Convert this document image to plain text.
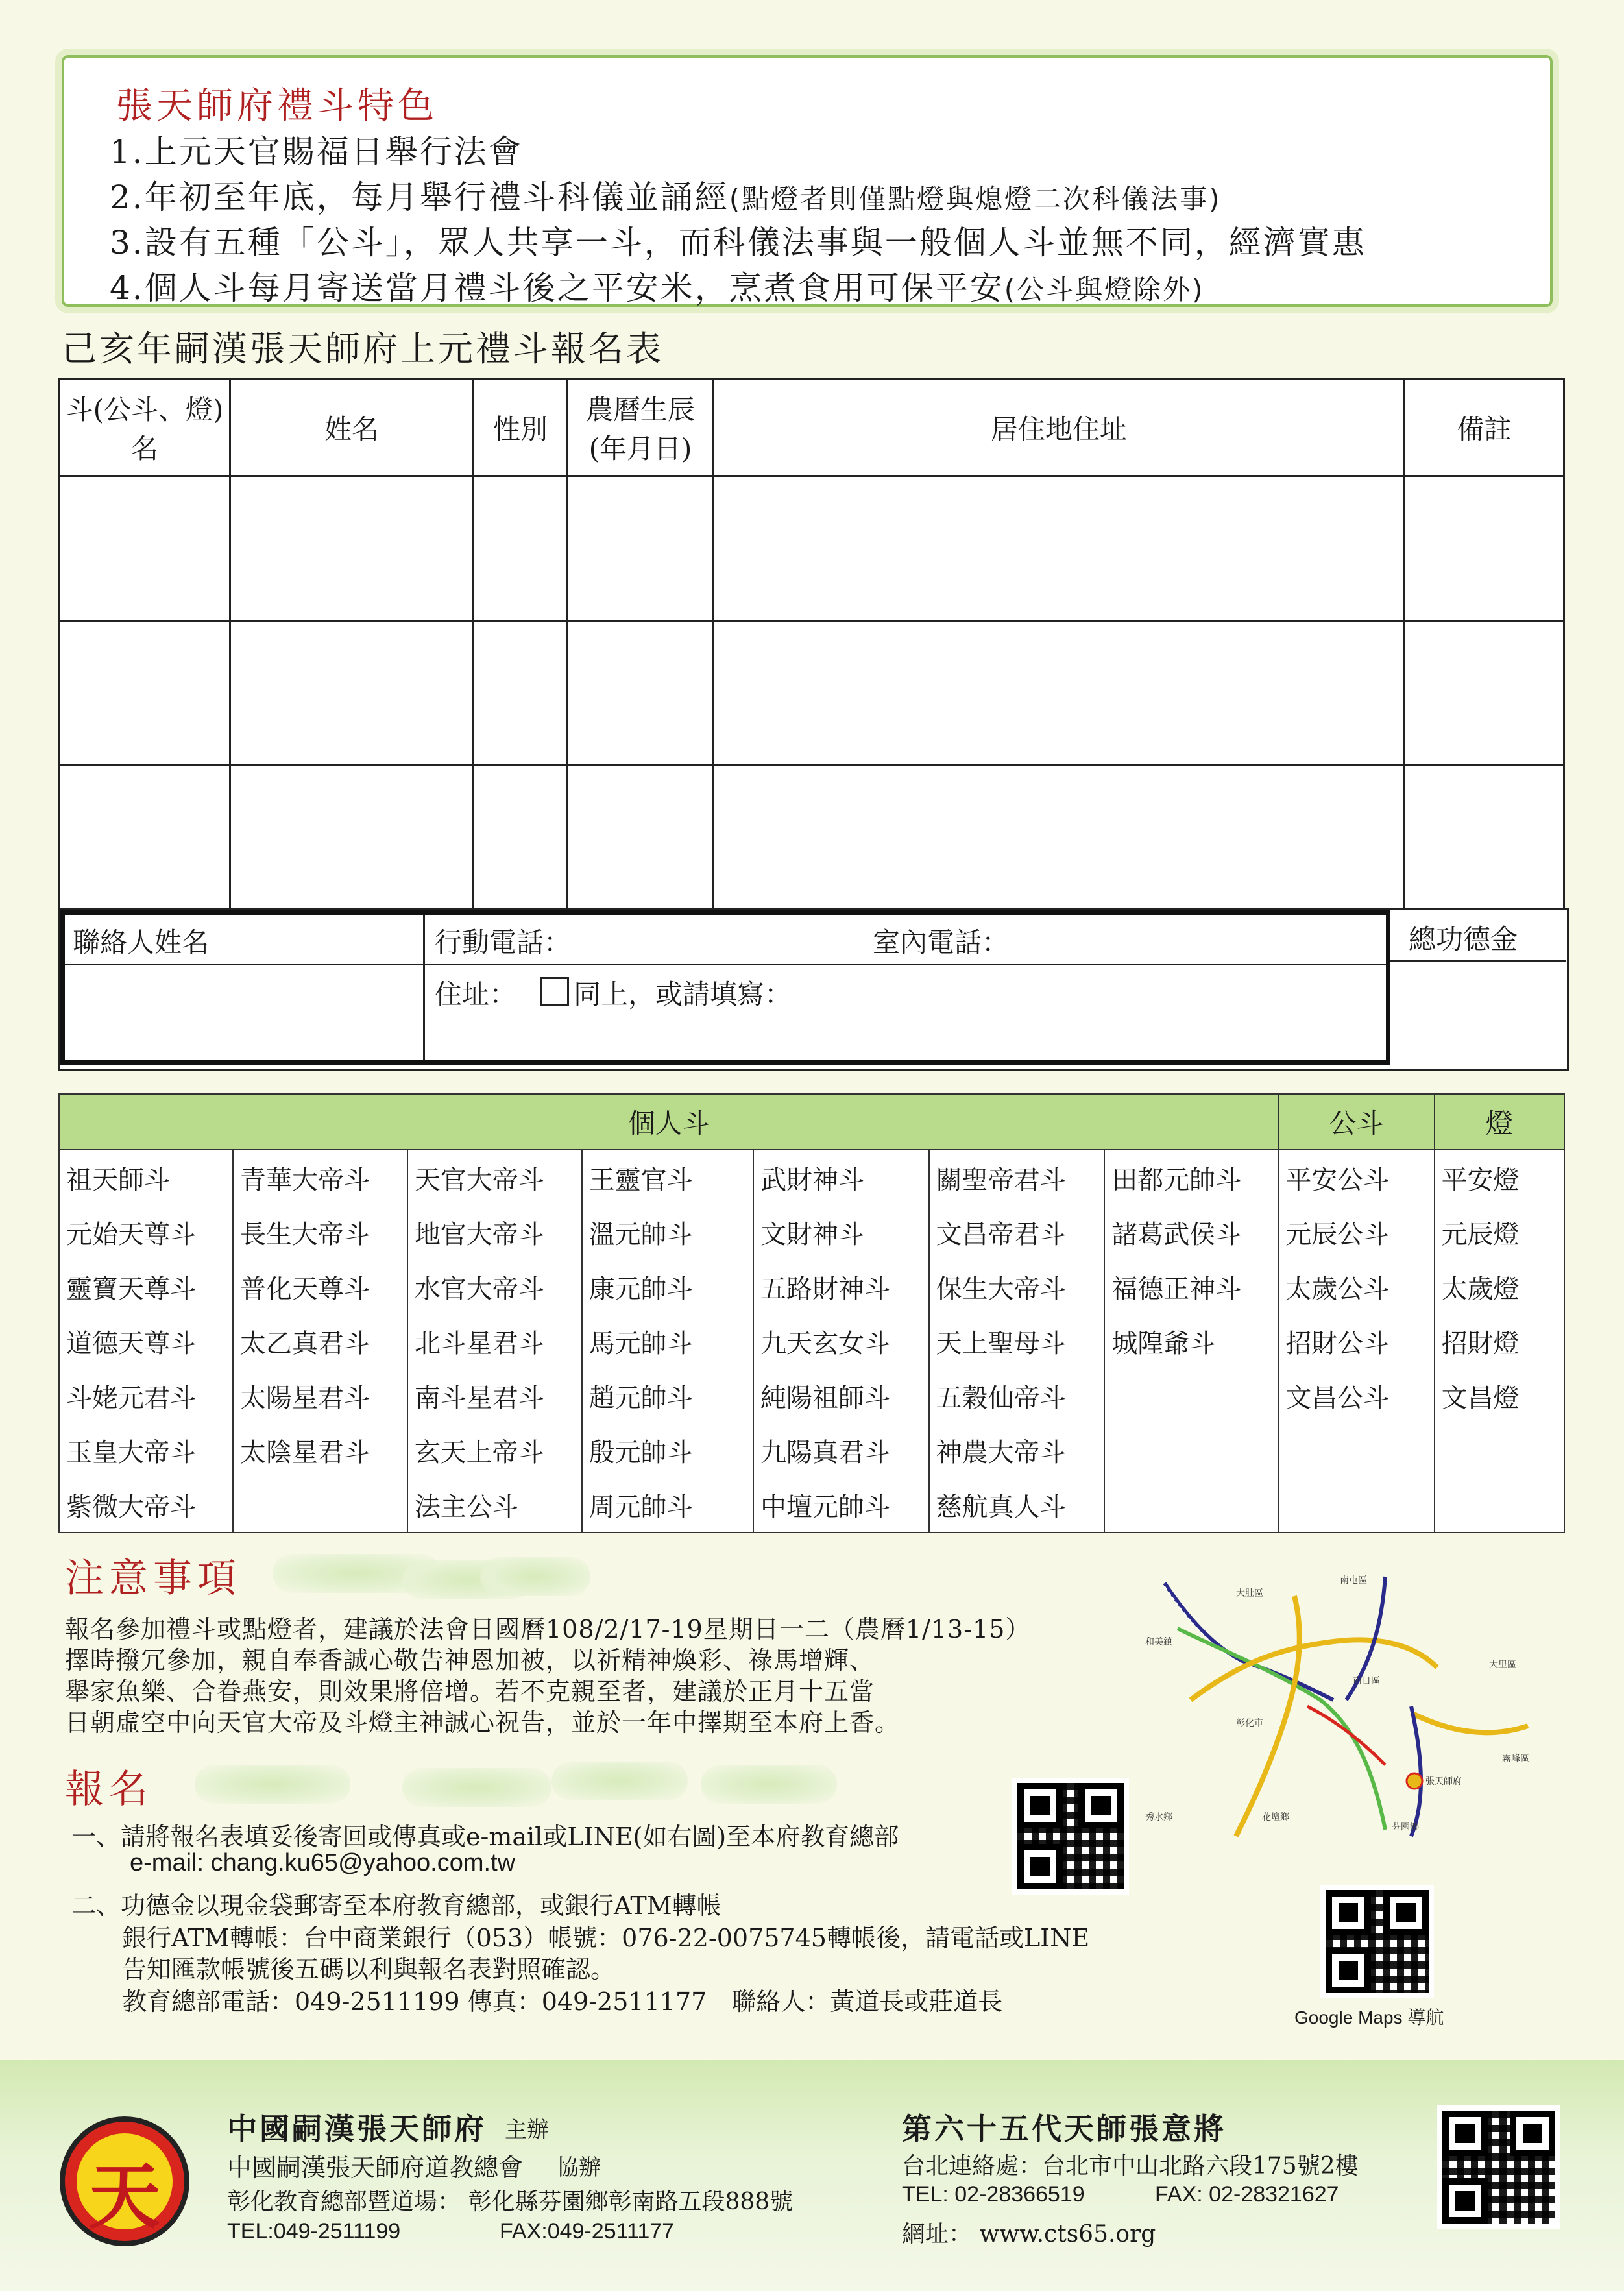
張天師府禮斗特色
1.上元天官賜福日舉行法會
2.年初至年底，每月舉行禮斗科儀並誦經(點燈者則僅點燈與熄燈二次科儀法事)
3.設有五種「公斗」，眾人共享一斗，而科儀法事與一般個人斗並無不同，經濟實惠
4.個人斗每月寄送當月禮斗後之平安米，烹煮食用可保平安(公斗與燈除外)
己亥年嗣漢張天師府上元禮斗報名表
斗(公斗、燈)名	姓名	性別	農曆生辰(年月日)	居住地住址	備註

聯絡人姓名	行動電話：	室內電話：
住址： 同上，或請填寫：
總功德金
個人斗							公斗	燈
祖天師斗	青華大帝斗	天官大帝斗	王靈官斗	武財神斗	關聖帝君斗	田都元帥斗	平安公斗	平安燈
元始天尊斗	長生大帝斗	地官大帝斗	溫元帥斗	文財神斗	文昌帝君斗	諸葛武侯斗	元辰公斗	元辰燈
靈寶天尊斗	普化天尊斗	水官大帝斗	康元帥斗	五路財神斗	保生大帝斗	福德正神斗	太歲公斗	太歲燈
道德天尊斗	太乙真君斗	北斗星君斗	馬元帥斗	九天玄女斗	天上聖母斗	城隍爺斗	招財公斗	招財燈
斗姥元君斗	太陽星君斗	南斗星君斗	趙元帥斗	純陽祖師斗	五穀仙帝斗		文昌公斗	文昌燈
玉皇大帝斗	太陰星君斗	玄天上帝斗	殷元帥斗	九陽真君斗	神農大帝斗			
紫微大帝斗		法主公斗	周元帥斗	中壇元帥斗	慈航真人斗			
注意事項
報名參加禮斗或點燈者，建議於法會日國曆108/2/17-19星期日一二（農曆1/13-15）
擇時撥冗參加，親自奉香誠心敬告神恩加被，以祈精神煥彩、祿馬增輝、
舉家魚樂、合眷燕安，則效果將倍增。若不克親至者，建議於正月十五當
日朝虛空中向天官大帝及斗燈主神誠心祝告，並於一年中擇期至本府上香。
報名
一、請將報名表填妥後寄回或傳真或e-mail或LINE(如右圖)至本府教育總部
e-mail: chang.ku65@yahoo.com.tw
二、功德金以現金袋郵寄至本府教育總部，或銀行ATM轉帳
銀行ATM轉帳：台中商業銀行（053）帳號：076-22-0075745轉帳後，請電話或LINE
告知匯款帳號後五碼以利與報名表對照確認。
教育總部電話：049-2511199 傳真：049-2511177　聯絡人：黃道長或莊道長
Google Maps 導航
大肚區
南屯區
和美鎮
彰化市
南日區
大里區
霧峰區
秀水鄉	花壇鄉
芬園鄉
張天師府
中國嗣漢張天師府 主辦
中國嗣漢張天師府道教總會 協辦
彰化教育總部暨道場： 彰化縣芬園鄉彰南路五段888號
TEL:049-2511199	FAX:049-2511177
第六十五代天師張意將
台北連絡處：台北市中山北路六段175號2樓
TEL: 02-28366519	FAX: 02-28321627
網址： www.cts65.org
天
